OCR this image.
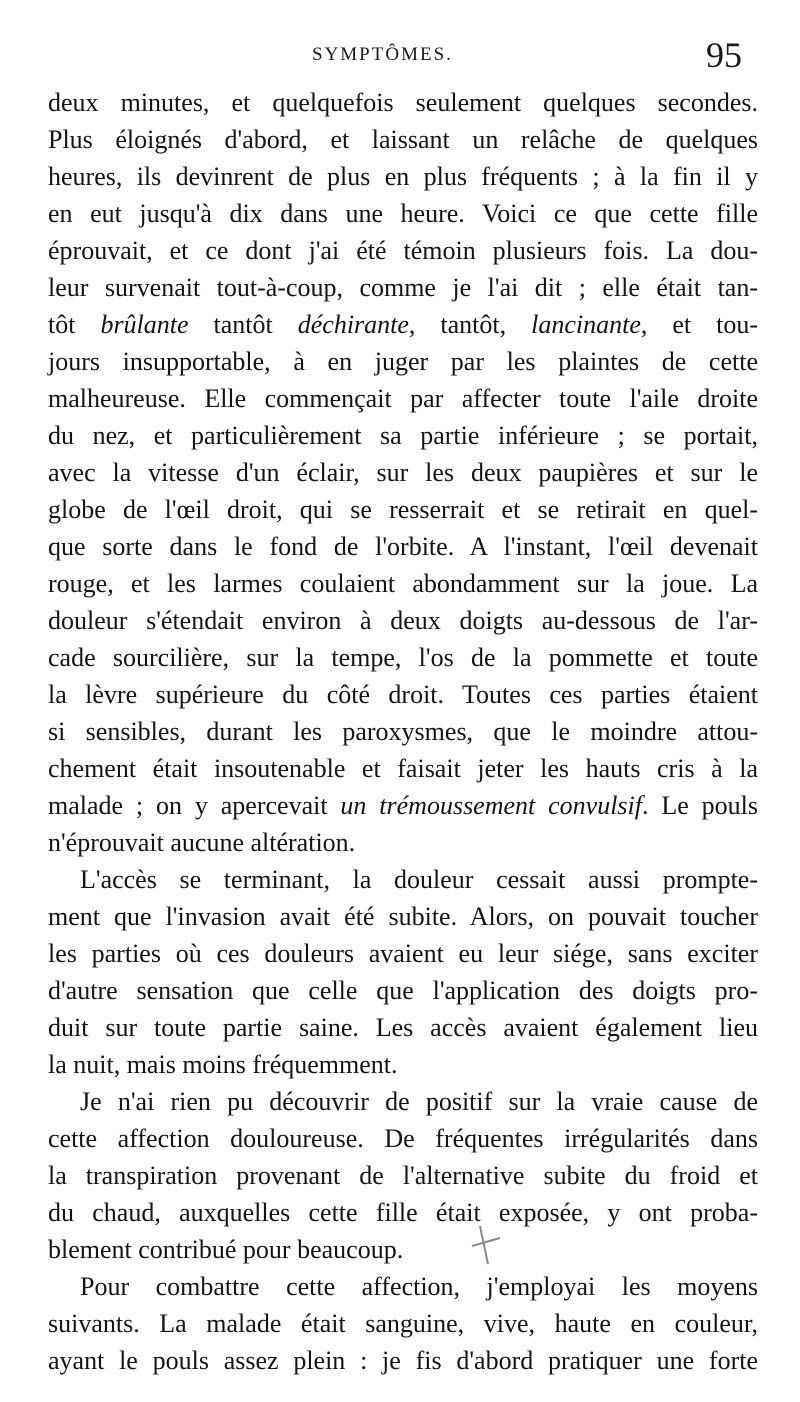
SYMPTÔMES.	95
deux minutes, et quelquefois seulement quelques secondes.
Plus éloignés d'abord, et laissant un relâche de quelques
heures, ils devinrent de plus en plus fréquents ; à la fin il y
en eut jusqu'à dix dans une heure. Voici ce que cette fille
éprouvait, et ce dont j'ai été témoin plusieurs fois. La dou-
leur survenait tout-à-coup, comme je l'ai dit ; elle était tan-
tôt brûlante tantôt déchirante, tantôt, lancinante, et tou-
jours insupportable, à en juger par les plaintes de cette
malheureuse. Elle commençait par affecter toute l'aile droite
du nez, et particulièrement sa partie inférieure ; se portait,
avec la vitesse d'un éclair, sur les deux paupières et sur le
globe de l'œil droit, qui se resserrait et se retirait en quel-
que sorte dans le fond de l'orbite. A l'instant, l'œil devenait
rouge, et les larmes coulaient abondamment sur la joue. La
douleur s'étendait environ à deux doigts au-dessous de l'ar-
cade sourcilière, sur la tempe, l'os de la pommette et toute
la lèvre supérieure du côté droit. Toutes ces parties étaient
si sensibles, durant les paroxysmes, que le moindre attou-
chement était insoutenable et faisait jeter les hauts cris à la
malade ; on y apercevait un trémoussement convulsif. Le pouls
n'éprouvait aucune altération.
L'accès se terminant, la douleur cessait aussi prompte-
ment que l'invasion avait été subite. Alors, on pouvait toucher
les parties où ces douleurs avaient eu leur siége, sans exciter
d'autre sensation que celle que l'application des doigts pro-
duit sur toute partie saine. Les accès avaient également lieu
la nuit, mais moins fréquemment.
Je n'ai rien pu découvrir de positif sur la vraie cause de
cette affection douloureuse. De fréquentes irrégularités dans
la transpiration provenant de l'alternative subite du froid et
du chaud, auxquelles cette fille était exposée, y ont proba-
blement contribué pour beaucoup.
Pour combattre cette affection, j'employai les moyens
suivants. La malade était sanguine, vive, haute en couleur,
ayant le pouls assez plein : je fis d'abord pratiquer une forte
